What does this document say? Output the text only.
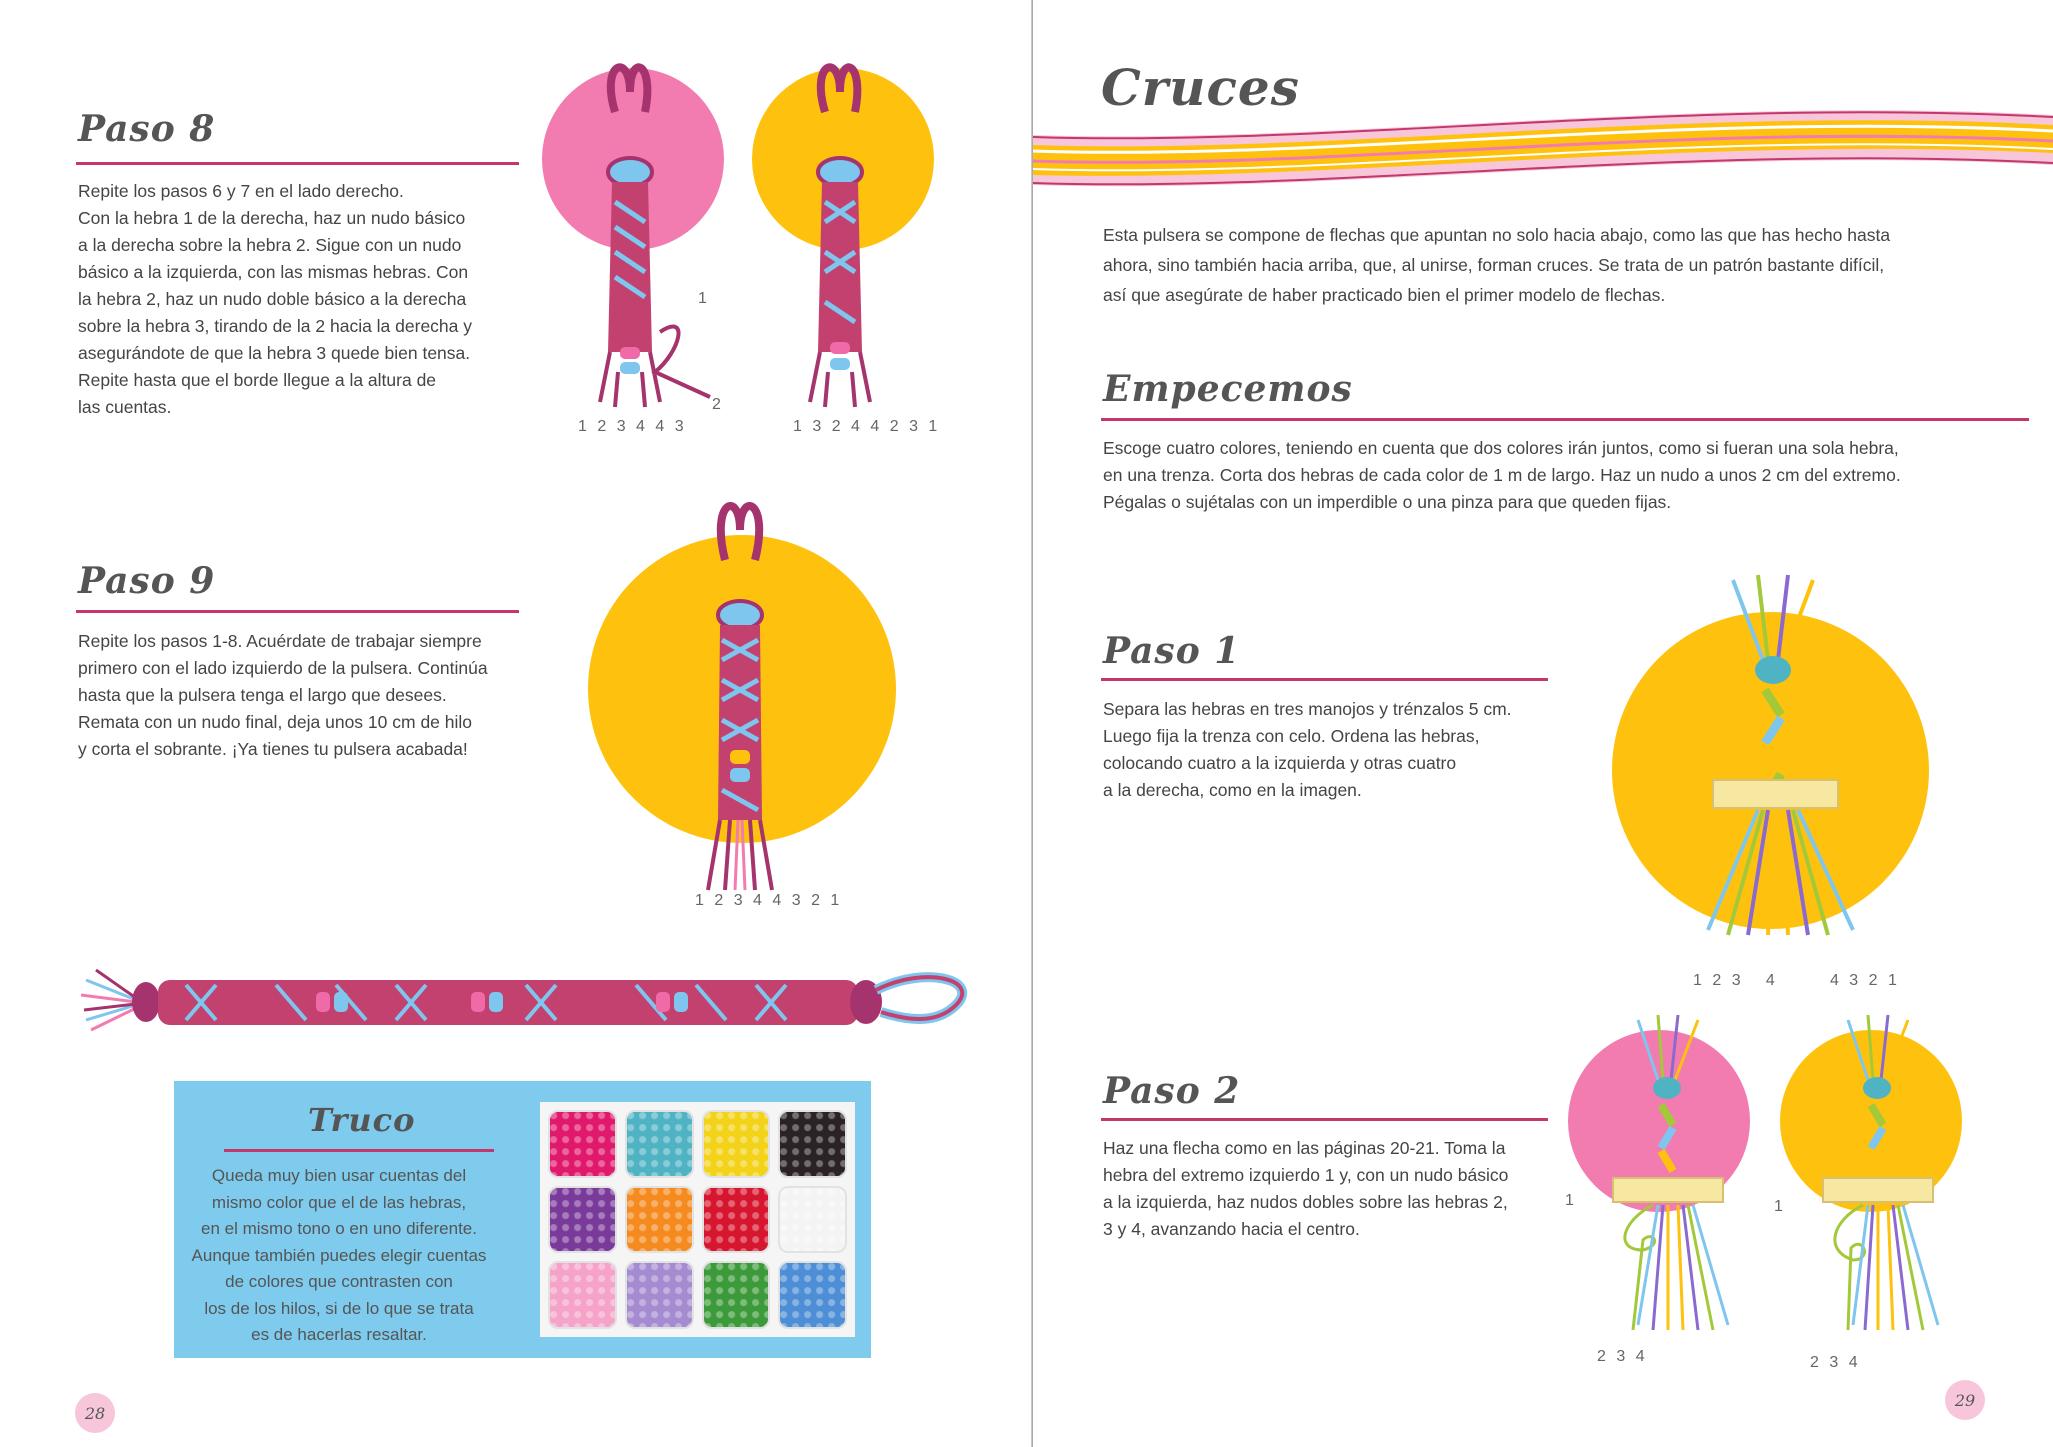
Paso 8
Repite los pasos 6 y 7 en el lado derecho.
Con la hebra 1 de la derecha, haz un nudo básico
a la derecha sobre la hebra 2. Sigue con un nudo
básico a la izquierda, con las mismas hebras. Con
la hebra 2, haz un nudo doble básico a la derecha
sobre la hebra 3, tirando de la 2 hacia la derecha y
asegurándote de que la hebra 3 quede bien tensa.
Repite hasta que el borde llegue a la altura de
las cuentas.
1 2 3 4 4 3
1
2
1 3 2 4 4 2 3 1
Paso 9
Repite los pasos 1-8. Acuérdate de trabajar siempre
primero con el lado izquierdo de la pulsera. Continúa
hasta que la pulsera tenga el largo que desees.
Remata con un nudo final, deja unos 10 cm de hilo
y corta el sobrante. ¡Ya tienes tu pulsera acabada!
1 2 3 4 4 3 2 1
Truco
Queda muy bien usar cuentas del
mismo color que el de las hebras,
en el mismo tono o en uno diferente.
Aunque también puedes elegir cuentas
de colores que contrasten con
los de los hilos, si de lo que se trata
es de hacerlas resaltar.
28
Cruces
Esta pulsera se compone de flechas que apuntan no solo hacia abajo, como las que has hecho hasta
ahora, sino también hacia arriba, que, al unirse, forman cruces. Se trata de un patrón bastante difícil,
así que asegúrate de haber practicado bien el primer modelo de flechas.
Empecemos
Escoge cuatro colores, teniendo en cuenta que dos colores irán juntos, como si fueran una sola hebra,
en una trenza. Corta dos hebras de cada color de 1 m de largo. Haz un nudo a unos 2 cm del extremo.
Pégalas o sujétalas con un imperdible o una pinza para que queden fijas.
Paso 1
Separa las hebras en tres manojos y trénzalos 5 cm.
Luego fija la trenza con celo. Ordena las hebras,
colocando cuatro a la izquierda y otras cuatro
a la derecha, como en la imagen.
1 2 3   4       4 3 2 1
Paso 2
Haz una flecha como en las páginas 20-21. Toma la
hebra del extremo izquierdo 1 y, con un nudo básico
a la izquierda, haz nudos dobles sobre las hebras 2,
3 y 4, avanzando hacia el centro.
1
2 3 4
1
2 3 4
29
